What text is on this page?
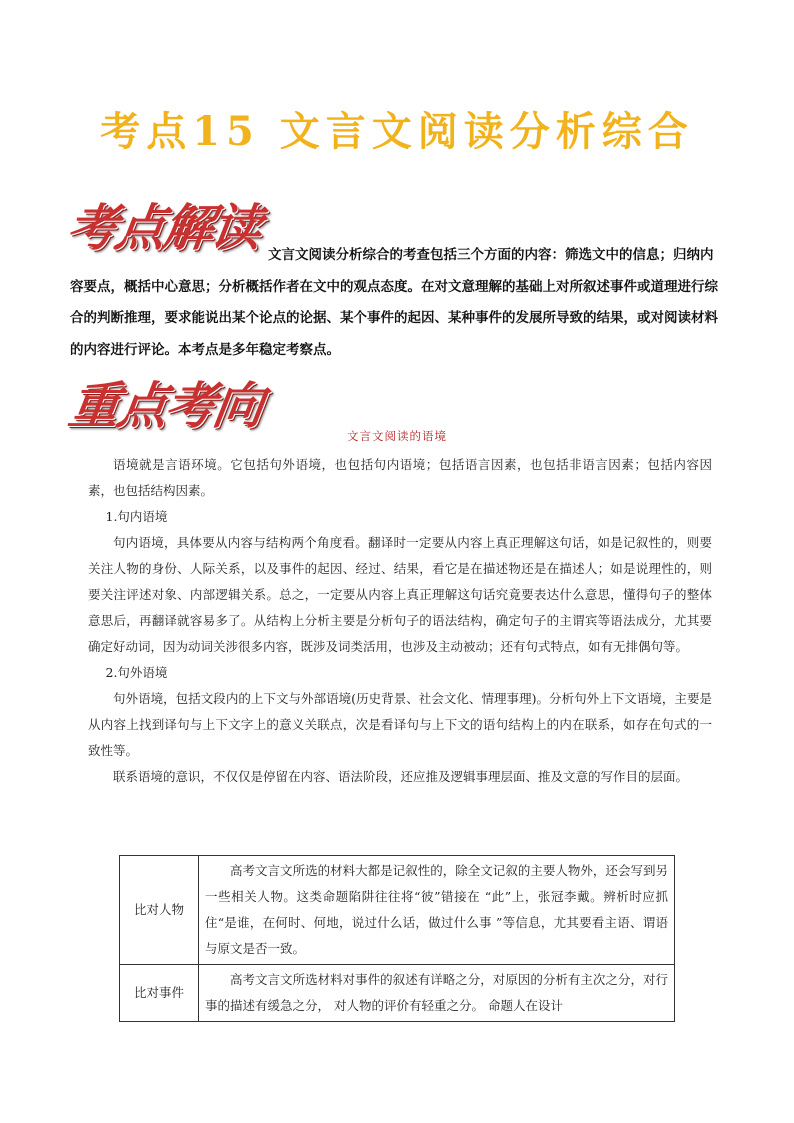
考点15 文言文阅读分析综合
考点解读 文言文阅读分析综合的考查包括三个方面的内容：筛选文中的信息；归纳内容要点，概括中心意思；分析概括作者在文中的观点态度。在对文意理解的基础上对所叙述事件或道理进行综合的判断推理，要求能说出某个论点的论据、某个事件的起因、某种事件的发展所导致的结果，或对阅读材料的内容进行评论。本考点是多年稳定考察点。
重点考向
文言文阅读的语境

语境就是言语环境。它包括句外语境，也包括句内语境；包括语言因素，也包括非语言因素；包括内容因素，也包括结构因素。

1.句内语境

句内语境，具体要从内容与结构两个角度看。翻译时一定要从内容上真正理解这句话，如是记叙性的，则要关注人物的身份、人际关系，以及事件的起因、经过、结果，看它是在描述物还是在描述人；如是说理性的，则要关注评述对象、内部逻辑关系。总之，一定要从内容上真正理解这句话究竟要表达什么意思，懂得句子的整体意思后，再翻译就容易多了。从结构上分析主要是分析句子的语法结构，确定句子的主谓宾等语法成分，尤其要确定好动词，因为动词关涉很多内容，既涉及词类活用，也涉及主动被动；还有句式特点，如有无排偶句等。

2.句外语境

句外语境，包括文段内的上下文与外部语境(历史背景、社会文化、情理事理)。分析句外上下文语境，主要是从内容上找到译句与上下文字上的意义关联点，次是看译句与上下文的语句结构上的内在联系，如存在句式的一致性等。

联系语境的意识，不仅仅是停留在内容、语法阶段，还应推及逻辑事理层面、推及文意的写作目的层面。

比对人物	高考文言文所选的材料大都是记叙性的，除全文记叙的主要人物外，还会写到另一些相关人物。这类命题陷阱往往将“彼”错接在 “此”上，张冠李戴。辨析时应抓住“是谁，在何时、何地，说过什么话，做过什么事 ”等信息，尤其要看主语、谓语与原文是否一致。
比对事件	高考文言文所选材料对事件的叙述有详略之分，对原因的分析有主次之分，对行事的描述有缓急之分， 对人物的评价有轻重之分。 命题人在设计
